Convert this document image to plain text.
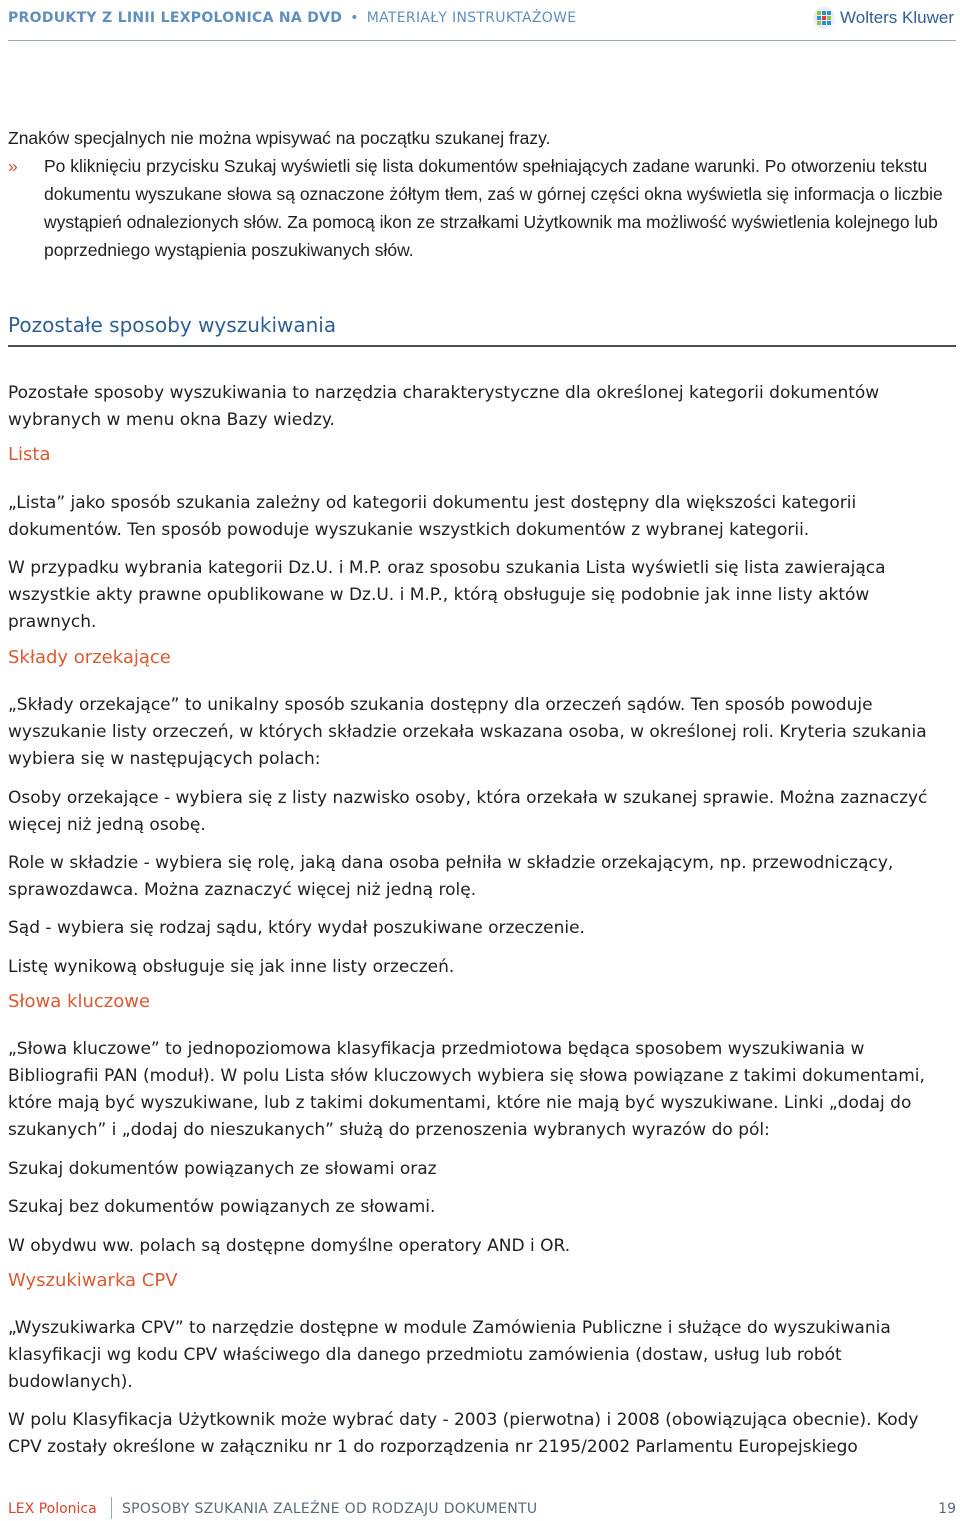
PRODUKTY Z LINII LEXPOLONICA NA DVD • MATERIAŁY INSTRUKTAŻOWE	Wolters Kluwer

Znaków specjalnych nie można wpisywać na początku szukanej frazy.

» Po kliknięciu przycisku Szukaj wyświetli się lista dokumentów spełniających zadane warunki. Po otworzeniu tekstu dokumentu wyszukane słowa są oznaczone żółtym tłem, zaś w górnej części okna wyświetla się informacja o liczbie wystąpień odnalezionych słów. Za pomocą ikon ze strzałkami Użytkownik ma możliwość wyświetlenia kolejnego lub poprzedniego wystąpienia poszukiwanych słów.

Pozostałe sposoby wyszukiwania

Pozostałe sposoby wyszukiwania to narzędzia charakterystyczne dla określonej kategorii dokumentów wybranych w menu okna Bazy wiedzy.

Lista

„Lista” jako sposób szukania zależny od kategorii dokumentu jest dostępny dla większości kategorii dokumentów. Ten sposób powoduje wyszukanie wszystkich dokumentów z wybranej kategorii.

W przypadku wybrania kategorii Dz.U. i M.P. oraz sposobu szukania Lista wyświetli się lista zawierająca wszystkie akty prawne opublikowane w Dz.U. i M.P., którą obsługuje się podobnie jak inne listy aktów prawnych.

Składy orzekające

„Składy orzekające” to unikalny sposób szukania dostępny dla orzeczeń sądów. Ten sposób powoduje wyszukanie listy orzeczeń, w których składzie orzekała wskazana osoba, w określonej roli. Kryteria szukania wybiera się w następujących polach:

Osoby orzekające - wybiera się z listy nazwisko osoby, która orzekała w szukanej sprawie. Można zaznaczyć więcej niż jedną osobę.

Role w składzie - wybiera się rolę, jaką dana osoba pełniła w składzie orzekającym, np. przewodniczący, sprawozdawca. Można zaznaczyć więcej niż jedną rolę.

Sąd - wybiera się rodzaj sądu, który wydał poszukiwane orzeczenie.

Listę wynikową obsługuje się jak inne listy orzeczeń.

Słowa kluczowe

„Słowa kluczowe” to jednopoziomowa klasyfikacja przedmiotowa będąca sposobem wyszukiwania w Bibliografii PAN (moduł). W polu Lista słów kluczowych wybiera się słowa powiązane z takimi dokumentami, które mają być wyszukiwane, lub z takimi dokumentami, które nie mają być wyszukiwane. Linki „dodaj do szukanych” i „dodaj do nieszukanych” służą do przenoszenia wybranych wyrazów do pól:

Szukaj dokumentów powiązanych ze słowami oraz

Szukaj bez dokumentów powiązanych ze słowami.

W obydwu ww. polach są dostępne domyślne operatory AND i OR.

Wyszukiwarka CPV

„Wyszukiwarka CPV” to narzędzie dostępne w module Zamówienia Publiczne i służące do wyszukiwania klasyfikacji wg kodu CPV właściwego dla danego przedmiotu zamówienia (dostaw, usług lub robót budowlanych).

W polu Klasyfikacja Użytkownik może wybrać daty - 2003 (pierwotna) i 2008 (obowiązująca obecnie). Kody CPV zostały określone w załączniku nr 1 do rozporządzenia nr 2195/2002 Parlamentu Europejskiego

LEX Polonica SPOSOBY SZUKANIA ZALEŻNE OD RODZAJU DOKUMENTU	19
